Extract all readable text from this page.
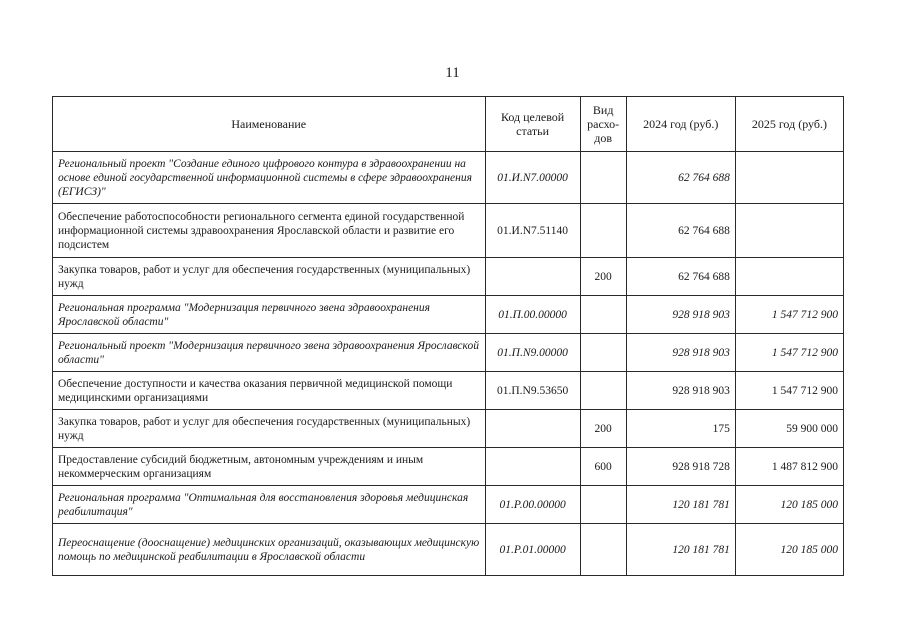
11
Наименование	Код целевой статьи	Вид расхо-дов	2024 год (руб.)	2025 год (руб.)
Региональный проект "Создание единого цифрового контура в здравоохранении на основе единой государственной информационной системы в сфере здравоохранения (ЕГИСЗ)"	01.И.N7.00000		62 764 688	
Обеспечение работоспособности регионального сегмента единой государственной информационной системы здравоохранения Ярославской области и развитие его подсистем	01.И.N7.51140		62 764 688	
Закупка товаров, работ и услуг для обеспечения государственных (муниципальных) нужд		200	62 764 688	
Региональная программа "Модернизация первичного звена здравоохранения Ярославской области"	01.П.00.00000		928 918 903	1 547 712 900
Региональный проект "Модернизация первичного звена здравоохранения Ярославской области"	01.П.N9.00000		928 918 903	1 547 712 900
Обеспечение доступности и качества оказания первичной медицинской помощи медицинскими организациями	01.П.N9.53650		928 918 903	1 547 712 900
Закупка товаров, работ и услуг для обеспечения государственных (муниципальных) нужд		200	175	59 900 000
Предоставление субсидий бюджетным, автономным учреждениям и иным некоммерческим организациям		600	928 918 728	1 487 812 900
Региональная программа "Оптимальная для восстановления здоровья медицинская реабилитация"	01.Р.00.00000		120 181 781	120 185 000
Переоснащение (дооснащение) медицинских организаций, оказывающих медицинскую помощь по медицинской реабилитации в Ярославской области	01.Р.01.00000		120 181 781	120 185 000
